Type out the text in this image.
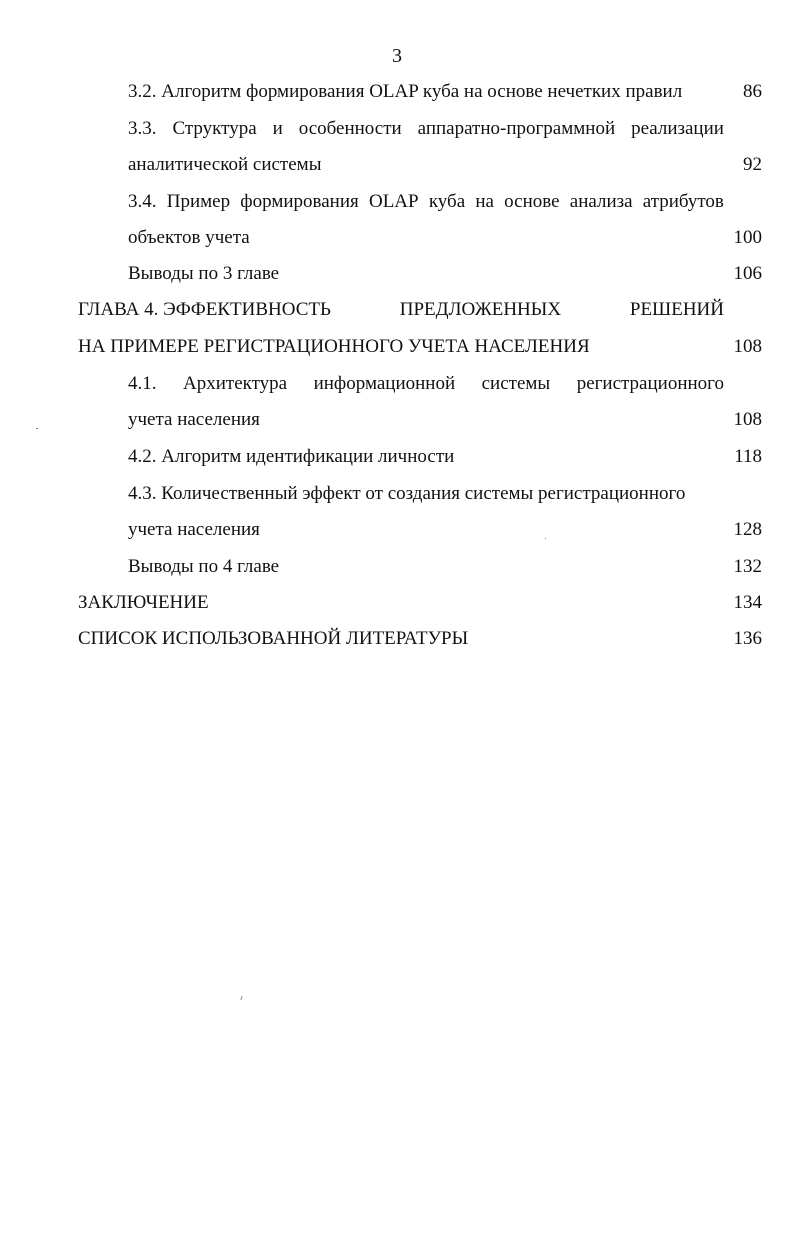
3
3.2. Алгоритм формирования OLAP куба на основе нечетких правил	86
3.3. Структура и особенности аппаратно-программной реализации
аналитической системы	92
3.4. Пример формирования OLAP куба на основе анализа атрибутов
объектов учета	100
Выводы по 3 главе	106
ГЛАВА 4. ЭФФЕКТИВНОСТЬ	ПРЕДЛОЖЕННЫХ	РЕШЕНИЙ
НА ПРИМЕРЕ РЕГИСТРАЦИОННОГО УЧЕТА НАСЕЛЕНИЯ	108
4.1. Архитектура информационной системы регистрационного
учета населения	108
4.2. Алгоритм идентификации личности	118
4.3. Количественный эффект от создания системы регистрационного
учета населения	128
Выводы по 4 главе	132
ЗАКЛЮЧЕНИЕ	134
СПИСОК ИСПОЛЬЗОВАННОЙ ЛИТЕРАТУРЫ	136
